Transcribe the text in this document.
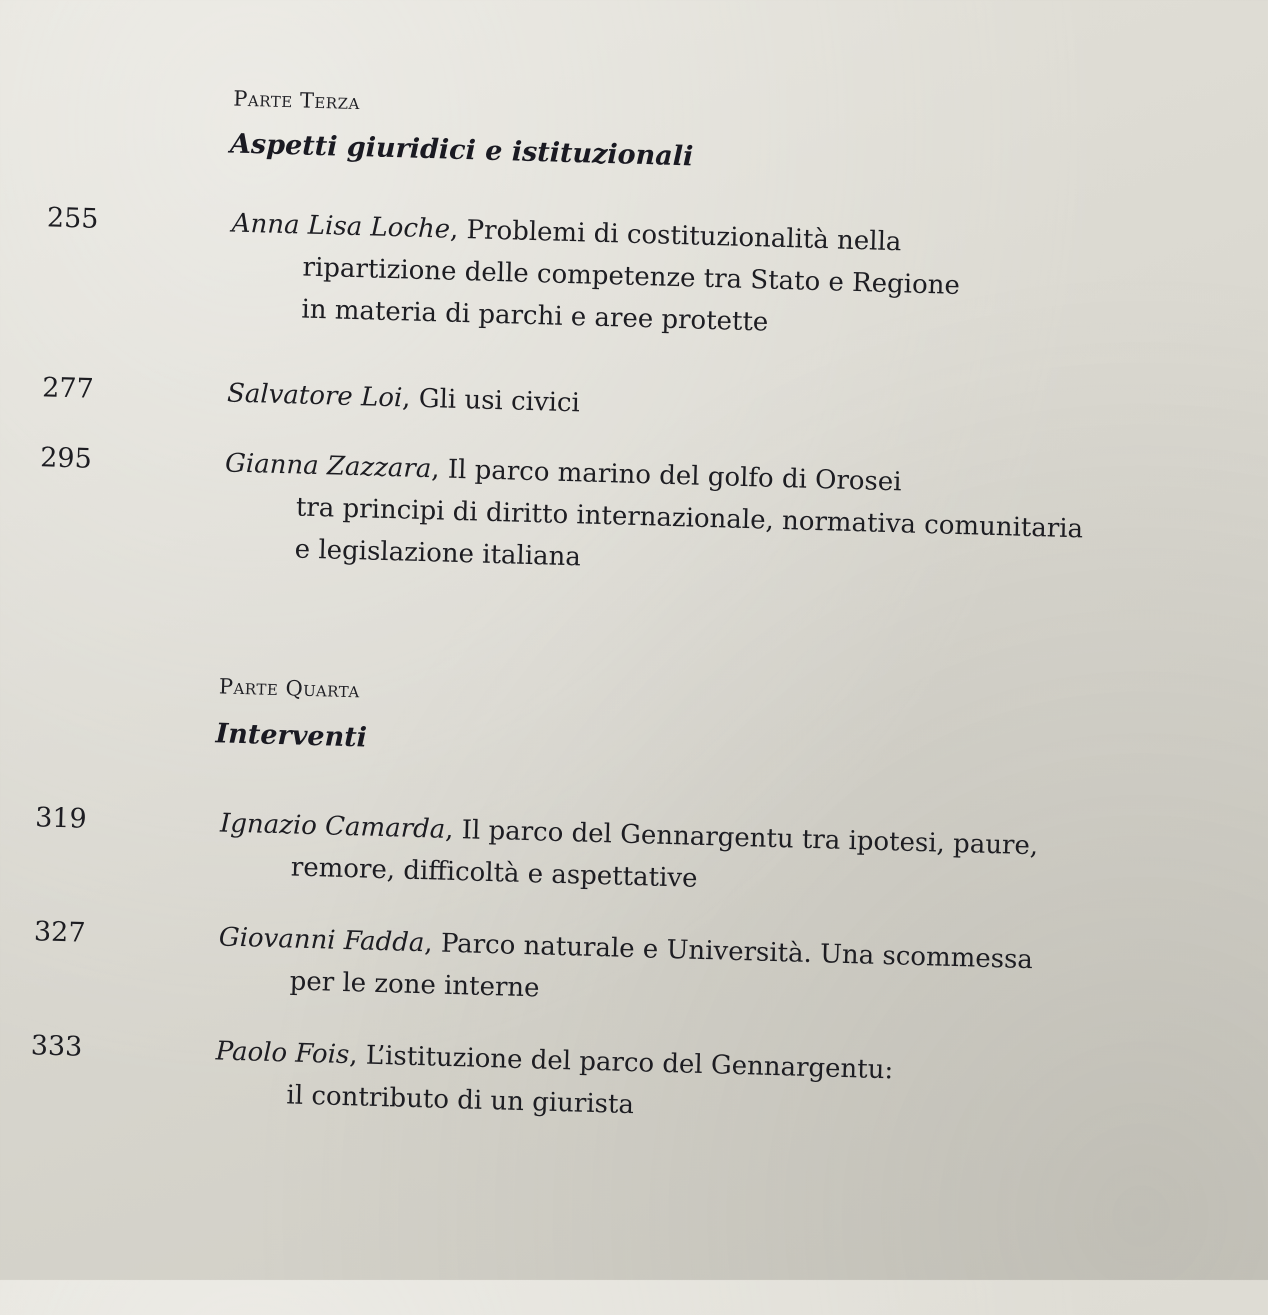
Parte Terza
Aspetti giuridici e istituzionali
255	Anna Lisa Loche, Problemi di costituzionalità nella
ripartizione delle competenze tra Stato e Regione
in materia di parchi e aree protette
277	Salvatore Loi, Gli usi civici
295	Gianna Zazzara, Il parco marino del golfo di Orosei
tra principi di diritto internazionale, normativa comunitaria
e legislazione italiana
Parte Quarta
Interventi
319	Ignazio Camarda, Il parco del Gennargentu tra ipotesi, paure,
remore, difficoltà e aspettative
327	Giovanni Fadda, Parco naturale e Università. Una scommessa
per le zone interne
333	Paolo Fois, L’istituzione del parco del Gennargentu:
il contributo di un giurista
